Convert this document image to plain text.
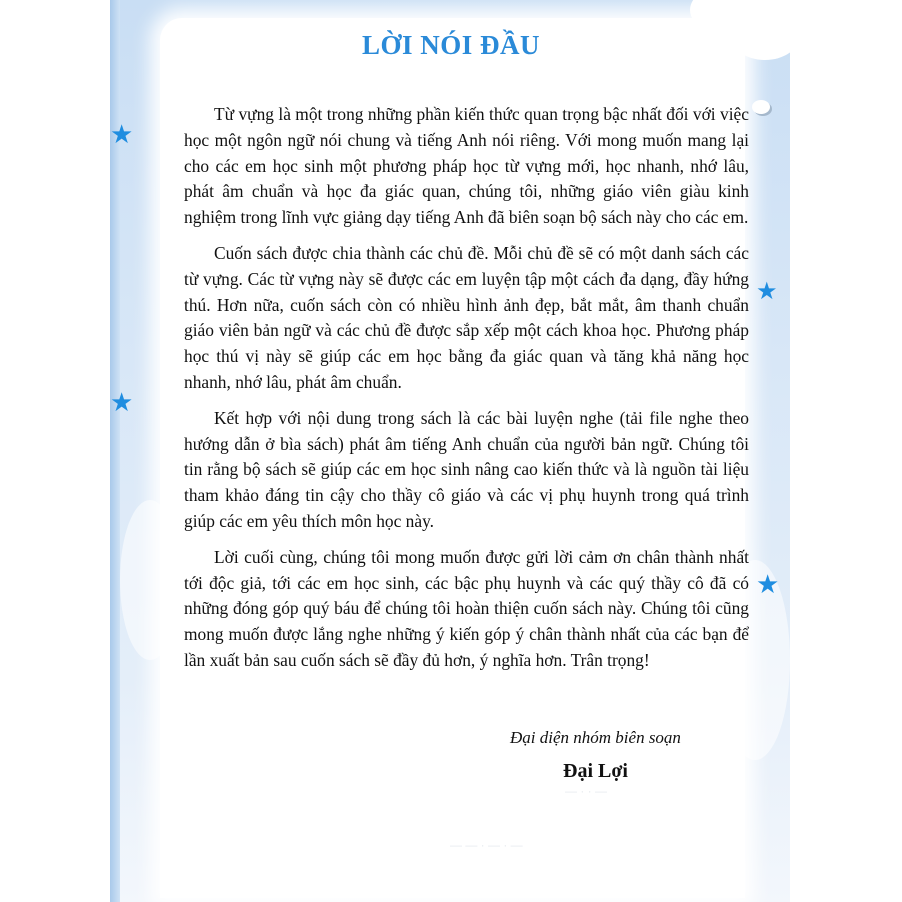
― · · ―
― ― · ― · ―
★
★
★
★
LỜI NÓI ĐẦU

Từ vựng là một trong những phần kiến thức quan trọng bậc nhất đối với việc học một ngôn ngữ nói chung và tiếng Anh nói riêng. Với mong muốn mang lại cho các em học sinh một phương pháp học từ vựng mới, học nhanh, nhớ lâu, phát âm chuẩn và học đa giác quan, chúng tôi, những giáo viên giàu kinh nghiệm trong lĩnh vực giảng dạy tiếng Anh đã biên soạn bộ sách này cho các em.

Cuốn sách được chia thành các chủ đề. Mỗi chủ đề sẽ có một danh sách các từ vựng. Các từ vựng này sẽ được các em luyện tập một cách đa dạng, đầy hứng thú. Hơn nữa, cuốn sách còn có nhiều hình ảnh đẹp, bắt mắt, âm thanh chuẩn giáo viên bản ngữ và các chủ đề được sắp xếp một cách khoa học. Phương pháp học thú vị này sẽ giúp các em học bằng đa giác quan và tăng khả năng học nhanh, nhớ lâu, phát âm chuẩn.

Kết hợp với nội dung trong sách là các bài luyện nghe (tải file nghe theo hướng dẫn ở bìa sách) phát âm tiếng Anh chuẩn của người bản ngữ. Chúng tôi tin rằng bộ sách sẽ giúp các em học sinh nâng cao kiến thức và là nguồn tài liệu tham khảo đáng tin cậy cho thầy cô giáo và các vị phụ huynh trong quá trình giúp các em yêu thích môn học này.

Lời cuối cùng, chúng tôi mong muốn được gửi lời cảm ơn chân thành nhất tới độc giả, tới các em học sinh, các bậc phụ huynh và các quý thầy cô đã có những đóng góp quý báu để chúng tôi hoàn thiện cuốn sách này. Chúng tôi cũng mong muốn được lắng nghe những ý kiến góp ý chân thành nhất của các bạn để lần xuất bản sau cuốn sách sẽ đầy đủ hơn, ý nghĩa hơn. Trân trọng!

Đại diện nhóm biên soạn
Đại Lợi
